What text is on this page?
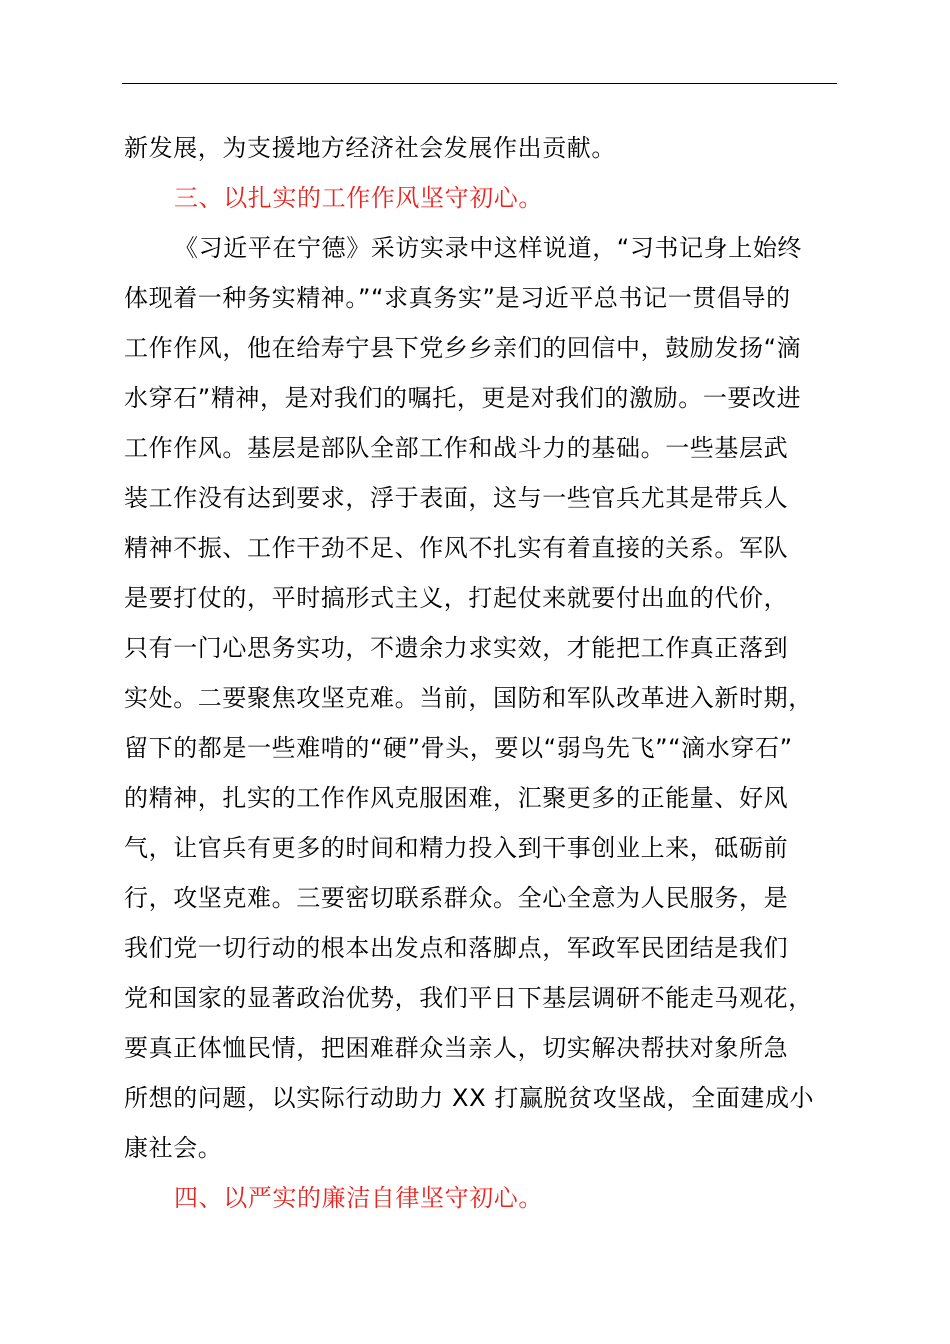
新发展，为支援地方经济社会发展作出贡献。
三、以扎实的工作作风坚守初心。
《习近平在宁德》采访实录中这样说道，“习书记身上始终
体现着一种务实精神。”“求真务实”是习近平总书记一贯倡导的
工作作风，他在给寿宁县下党乡乡亲们的回信中，鼓励发扬“滴
水穿石”精神，是对我们的嘱托，更是对我们的激励。一要改进
工作作风。基层是部队全部工作和战斗力的基础。一些基层武
装工作没有达到要求，浮于表面，这与一些官兵尤其是带兵人
精神不振、工作干劲不足、作风不扎实有着直接的关系。军队
是要打仗的，平时搞形式主义，打起仗来就要付出血的代价，
只有一门心思务实功，不遗余力求实效，才能把工作真正落到
实处。二要聚焦攻坚克难。当前，国防和军队改革进入新时期，
留下的都是一些难啃的“硬”骨头，要以“弱鸟先飞”“滴水穿石”
的精神，扎实的工作作风克服困难，汇聚更多的正能量、好风
气，让官兵有更多的时间和精力投入到干事创业上来，砥砺前
行，攻坚克难。三要密切联系群众。全心全意为人民服务，是
我们党一切行动的根本出发点和落脚点，军政军民团结是我们
党和国家的显著政治优势，我们平日下基层调研不能走马观花，
要真正体恤民情，把困难群众当亲人，切实解决帮扶对象所急
所想的问题，以实际行动助力 XX 打赢脱贫攻坚战，全面建成小
康社会。
四、以严实的廉洁自律坚守初心。
